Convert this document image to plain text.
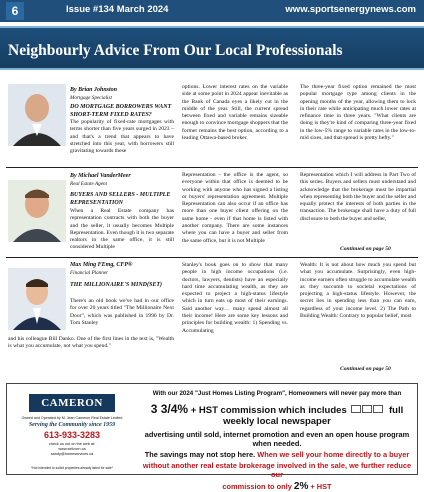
6	Issue #134 March 2024	www.sportsenergynews.com
Neighbourly Advice From Our Local Professionals
By Brian Johnston
Mortgage Specialist
DO MORTGAGE BORROWERS WANT SHORT-TERM FIXED RATES?
The popularity of fixed-rate mortgages with terms shorter than five years surged in 2023 – and that's a trend that appears to have stretched into this year, with borrowers still gravitating towards these
options. Lower interest rates on the variable side at some point in 2024 appear inevitable as the Bank of Canada eyes a likely cut in the middle of the year. Still, the current spread between fixed and variable remains sizeable enough to convince mortgage shoppers that the former remains the best option, according to a leading Ottawa-based broker.
The three-year fixed option remained the most popular mortgage type among clients in the opening months of the year, allowing them to lock in their rate while anticipating much lower rates at refinance time in three years. "What clients are doing is they're kind of comparing three-year fixed in the low-5% range to variable rates in the low-to-mid sixes, and that spread is pretty hefty."
By Michael VanderMeer
Real Estate Agent
BUYERS AND SELLERS - MULTIPLE REPRESENTATION
When a Real Estate company has representation contracts with both the buyer and the seller, it usually becomes Multiple Representation. Even though it is two separate realtors in the same office, it is still considered Multiple
Representation - the office is the agent, so everyone within that office is deemed to be working with anyone who has signed a listing or buyers' representation agreement. Multiple Representation can also occur if an office has more than one buyer client offering on the same home - even if that home is listed with another company. There are some instances where you can have a buyer and seller from the same office, but it is not Multiple
Representation which I will address in Part Two of this series. Buyers and sellers must understand and acknowledge that the brokerage must be impartial when representing both the buyer and the seller and equally protect the interests of both parties in the transaction. The brokerage shall have a duty of full disclosure to both the buyer and seller,
Continued on page 50
Max Ming FEmg, CFP®
Financial Planner
THE MILLIONAIRE'S MIND(SET)
There's an old book we've had in our office for over 20 years titled "The Millionaire Next Door", which was published in 1996 by Dr. Tom Stanley
and his colleague Bill Danko. One of the first lines in the text is, "Wealth is what you accumulate, not what you spend."
Stanley's book goes on to show that many people in high income occupations (i.e. doctors, lawyers, dentists) have an especially hard time accumulating wealth, as they are expected to project a high-status lifestyle which in turn eats up most of their earnings. Said another way… many spend almost all their income! Here are some key lessons and principles for building wealth: 1) Spending vs. Accumulating
Wealth: It is not about how much you spend but what you accumulate. Surprisingly, even high-income earners often struggle to accumulate wealth as they succumb to societal expectations of projecting a high-status lifestyle. However, the secret lies in spending less than you can earn, regardless of your income level. 2) The Path to Building Wealth: Contrary to popular belief, most
Continued on page 50
CAMERON
Owned and Operated by M. Jean Cameron Real Estate Limited
Serving the Community since 1959
613-933-3283
check us out on the web at:
www.sellcorn.ca
sandy@homeservices.ca
*Not intended to solicit properties already listed for sale*
With our 2024 "Just Homes Listing Program", Homeowners will never pay more than
3 3/4% + HST commission which includes	full weekly local newspaper
advertising until sold, internet promotion and even an open house program when needed.
The savings may not stop here. When we sell your home directly to a buyer
without another real estate brokerage involved in the sale, we further reduce our
commission to only 2% + HST
